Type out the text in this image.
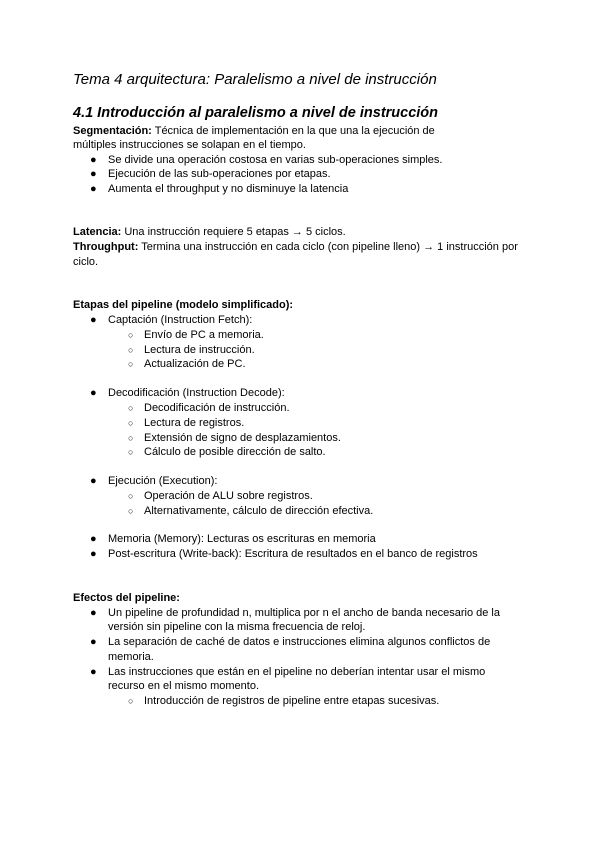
Tema 4 arquitectura: Paralelismo a nivel de instrucción
4.1 Introducción al paralelismo a nivel de instrucción
Segmentación: Técnica de implementación en la que una la ejecución de
múltiples instrucciones se solapan en el tiempo.
● Se divide una operación costosa en varias sub-operaciones simples.
● Ejecución de las sub-operaciones por etapas.
● Aumenta el throughput y no disminuye la latencia
Latencia: Una instrucción requiere 5 etapas → 5 ciclos.
Throughput: Termina una instrucción en cada ciclo (con pipeline lleno) → 1 instrucción por
ciclo.
Etapas del pipeline (modelo simplificado):
● Captación (Instruction Fetch):
○ Envío de PC a memoria.
○ Lectura de instrucción.
○ Actualización de PC.
● Decodificación (Instruction Decode):
○ Decodificación de instrucción.
○ Lectura de registros.
○ Extensión de signo de desplazamientos.
○ Cálculo de posible dirección de salto.
● Ejecución (Execution):
○ Operación de ALU sobre registros.
○ Alternativamente, cálculo de dirección efectiva.
● Memoria (Memory): Lecturas os escrituras en memoria
● Post-escritura (Write-back): Escritura de resultados en el banco de registros
Efectos del pipeline:
● Un pipeline de profundidad n, multiplica por n el ancho de banda necesario de la
versión sin pipeline con la misma frecuencia de reloj.
● La separación de caché de datos e instrucciones elimina algunos conflictos de
memoria.
● Las instrucciones que están en el pipeline no deberían intentar usar el mismo
recurso en el mismo momento.
○ Introducción de registros de pipeline entre etapas sucesivas.
